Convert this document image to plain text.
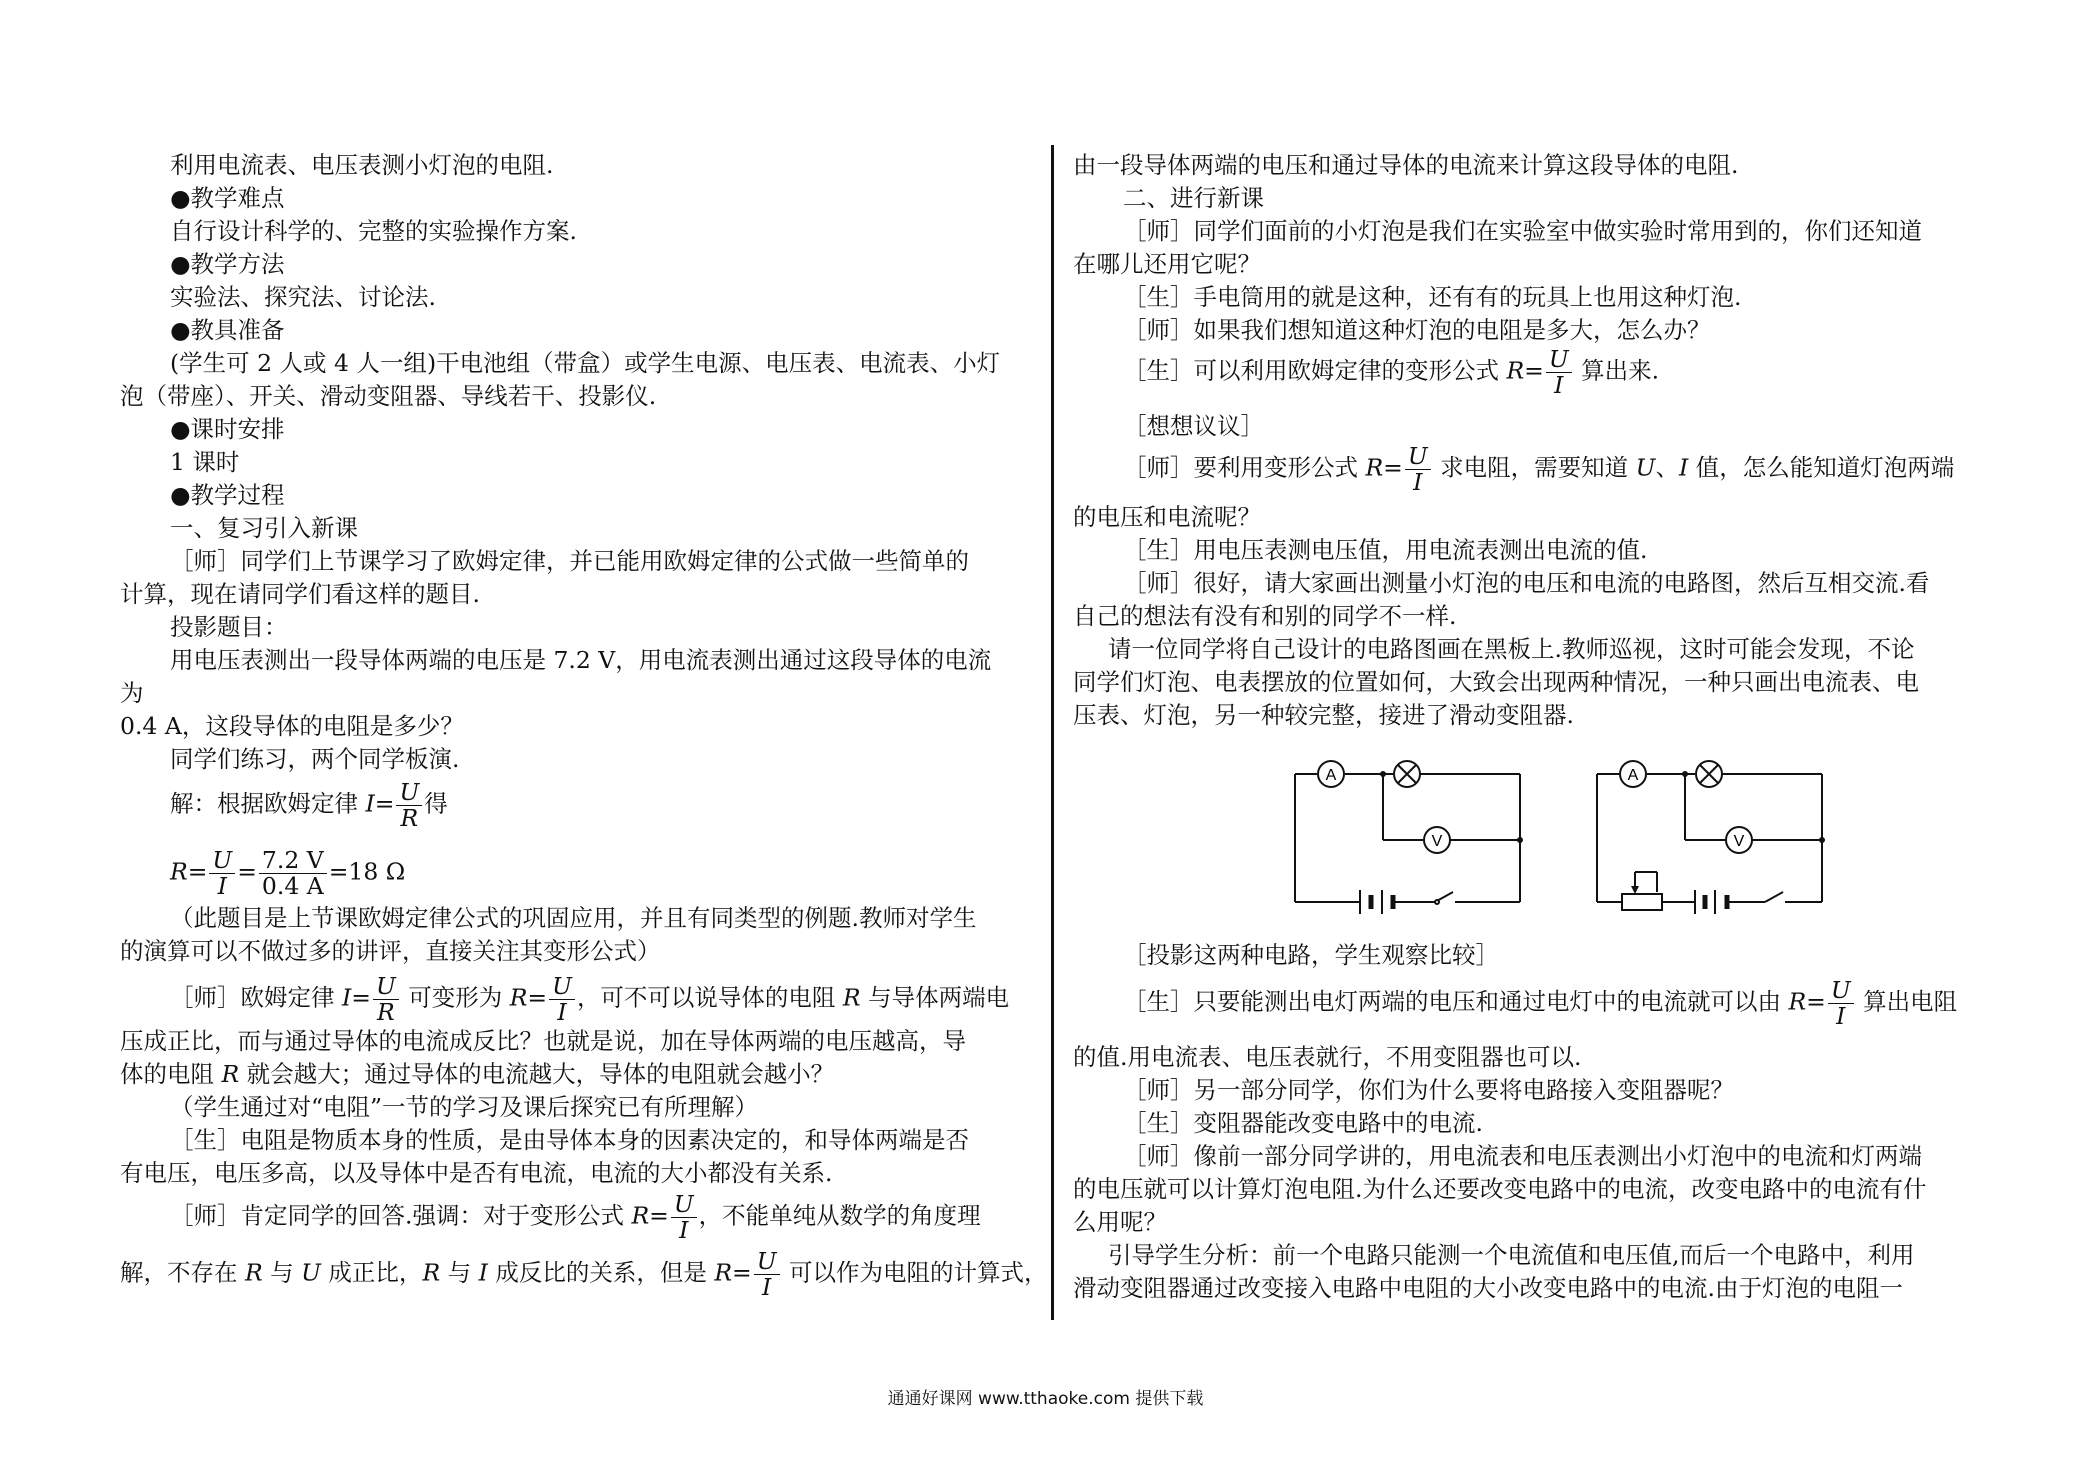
利用电流表、电压表测小灯泡的电阻.
●教学难点
自行设计科学的、完整的实验操作方案.
●教学方法
实验法、探究法、讨论法.
●教具准备
(学生可 2 人或 4 人一组)干电池组（带盒）或学生电源、电压表、电流表、小灯
泡（带座）、开关、滑动变阻器、导线若干、投影仪.
●课时安排
1 课时
●教学过程
一、复习引入新课
［师］同学们上节课学习了欧姆定律，并已能用欧姆定律的公式做一些简单的
计算，现在请同学们看这样的题目.
投影题目：
用电压表测出一段导体两端的电压是 7.2 V，用电流表测出通过这段导体的电流
为
0.4 A，这段导体的电阻是多少？
同学们练习，两个同学板演.
解：根据欧姆定律 $I= \frac{U}{R}$ 得
$R= \frac{U}{I} = \frac{7.2 V}{0.4 A} =18$ Ω
（此题目是上节课欧姆定律公式的巩固应用，并且有同类型的例题.教师对学生
的演算可以不做过多的讲评，直接关注其变形公式）
［师］欧姆定律 $I= \frac{U}{R}$ 可变形为 $R= \frac{U}{I}$ ，可不可以说导体的电阻 R 与导体两端电
压成正比，而与通过导体的电流成反比？也就是说，加在导体两端的电压越高，导
体的电阻 R 就会越大；通过导体的电流越大，导体的电阻就会越小？
（学生通过对“电阻”一节的学习及课后探究已有所理解）
［生］电阻是物质本身的性质，是由导体本身的因素决定的，和导体两端是否
有电压，电压多高，以及导体中是否有电流，电流的大小都没有关系.
［师］肯定同学的回答.强调：对于变形公式 $R= \frac{U}{I}$ ，不能单纯从数学的角度理
解，不存在 R 与 U 成正比，R 与 I 成反比的关系，但是 $R= \frac{U}{I}$ 可以作为电阻的计算式，
由一段导体两端的电压和通过导体的电流来计算这段导体的电阻.
二、进行新课
［师］同学们面前的小灯泡是我们在实验室中做实验时常用到的，你们还知道
在哪儿还用它呢？
［生］手电筒用的就是这种，还有有的玩具上也用这种灯泡.
［师］如果我们想知道这种灯泡的电阻是多大，怎么办？
［生］可以利用欧姆定律的变形公式 $R= \frac{U}{I}$ 算出来.
［想想议议］
［师］要利用变形公式 $R= \frac{U}{I}$ 求电阻，需要知道 U、I 值，怎么能知道灯泡两端
的电压和电流呢？
［生］用电压表测电压值，用电流表测出电流的值.
［师］很好，请大家画出测量小灯泡的电压和电流的电路图，然后互相交流.看
自己的想法有没有和别的同学不一样.
请一位同学将自己设计的电路图画在黑板上.教师巡视，这时可能会发现，不论
同学们灯泡、电表摆放的位置如何，大致会出现两种情况，一种只画出电流表、电
压表、灯泡，另一种较完整，接进了滑动变阻器.
A
V
A
V
［投影这两种电路，学生观察比较］
［生］只要能测出电灯两端的电压和通过电灯中的电流就可以由 $R= \frac{U}{I}$ 算出电阻
的值.用电流表、电压表就行，不用变阻器也可以.
［师］另一部分同学，你们为什么要将电路接入变阻器呢？
［生］变阻器能改变电路中的电流.
［师］像前一部分同学讲的，用电流表和电压表测出小灯泡中的电流和灯两端
的电压就可以计算灯泡电阻.为什么还要改变电路中的电流，改变电路中的电流有什
么用呢？
引导学生分析：前一个电路只能测一个电流值和电压值,而后一个电路中，利用
滑动变阻器通过改变接入电路中电阻的大小改变电路中的电流.由于灯泡的电阻一
通通好课网 www.tthaoke.com 提供下载
